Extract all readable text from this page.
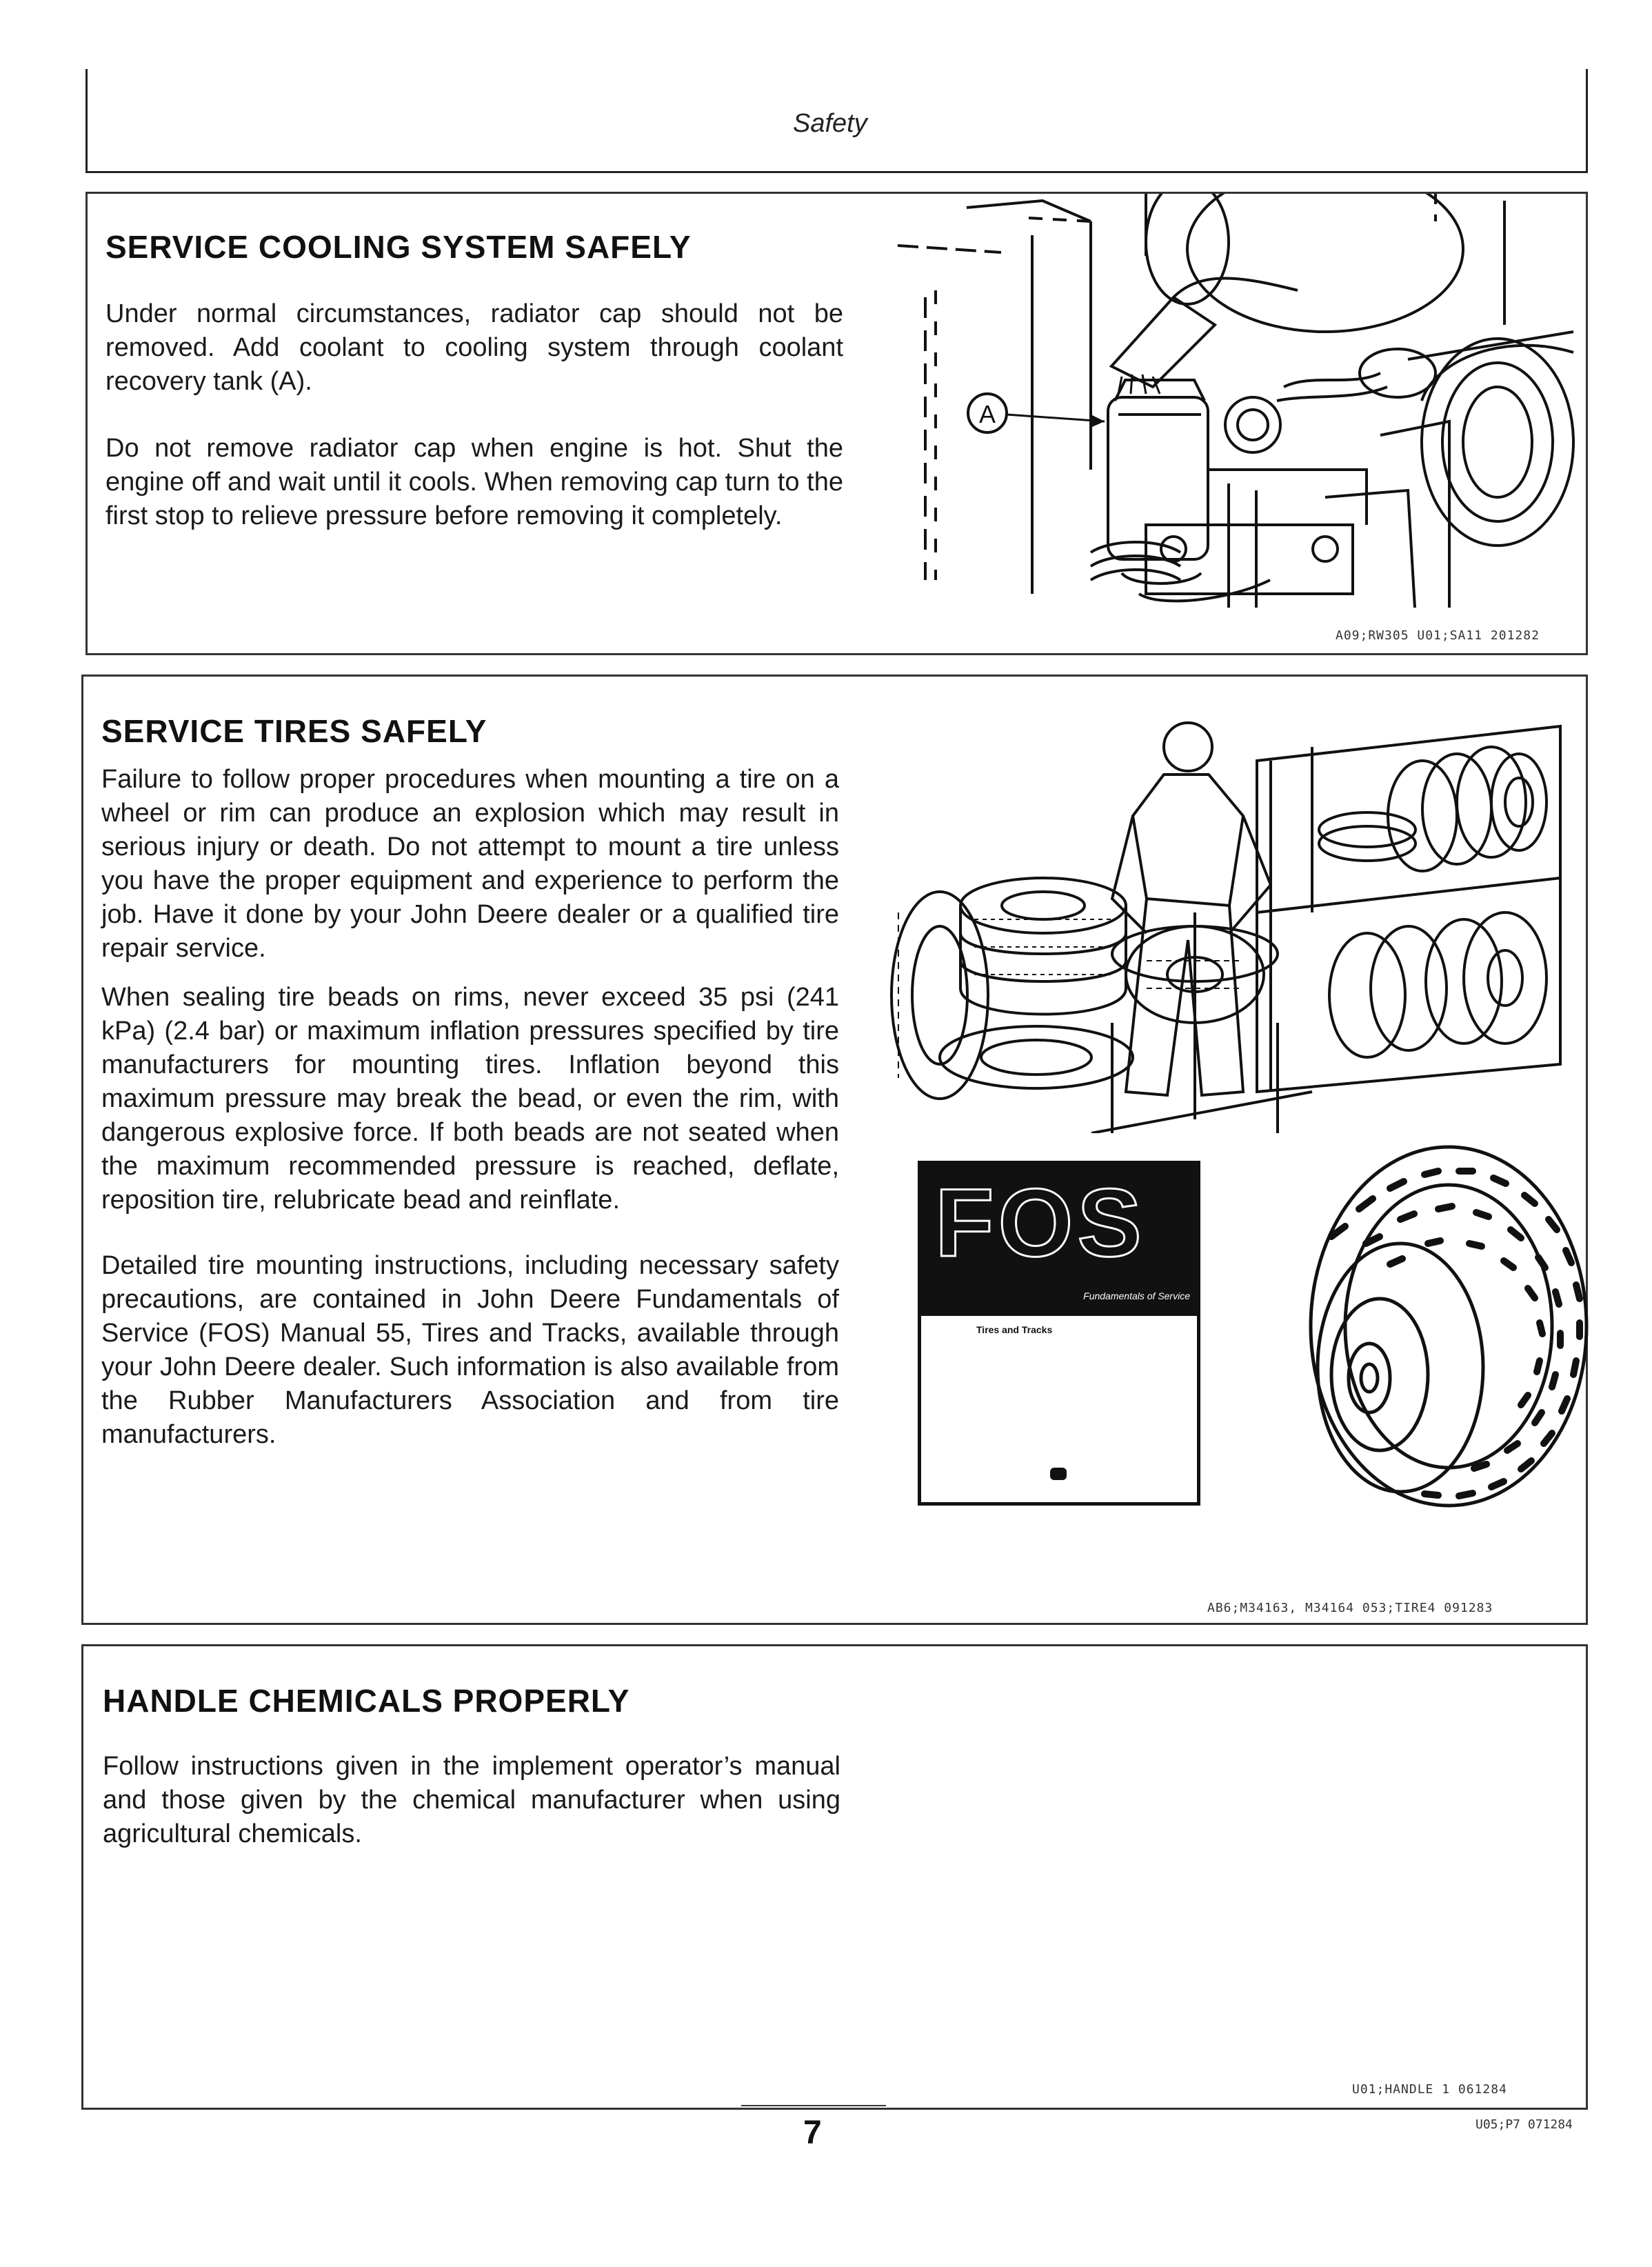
Safety
SERVICE COOLING SYSTEM SAFELY

Under normal circumstances, radiator cap should not be removed. Add coolant to cooling system through coolant recovery tank (A).

Do not remove radiator cap when engine is hot. Shut the engine off and wait until it cools. When removing cap turn to the first stop to relieve pressure before removing it completely.

A
A09;RW305 U01;SA11 201282
SERVICE TIRES SAFELY

Failure to follow proper procedures when mounting a tire on a wheel or rim can produce an explosion which may result in serious injury or death. Do not attempt to mount a tire unless you have the proper equipment and experience to perform the job. Have it done by your John Deere dealer or a qualified tire repair service.

When sealing tire beads on rims, never exceed 35 psi (241 kPa) (2.4 bar) or maximum inflation pressures specified by tire manufacturers for mounting tires. Inflation beyond this maximum pressure may break the bead, or even the rim, with dangerous explosive force. If both beads are not seated when the maximum recommended pressure is reached, deflate, reposition tire, relubricate bead and reinflate.

Detailed tire mounting instructions, including necessary safety precautions, are contained in John Deere Fundamentals of Service (FOS) Manual 55, Tires and Tracks, available through your John Deere dealer. Such information is also available from the Rubber Manufacturers Association and from tire manufacturers.

FOS
Fundamentals of Service
Tires and Tracks
AB6;M34163, M34164 053;TIRE4 091283
HANDLE CHEMICALS PROPERLY

Follow instructions given in the implement operator’s manual and those given by the chemical manufacturer when using agricultural chemicals.

U01;HANDLE 1 061284
7	U05;P7 071284
